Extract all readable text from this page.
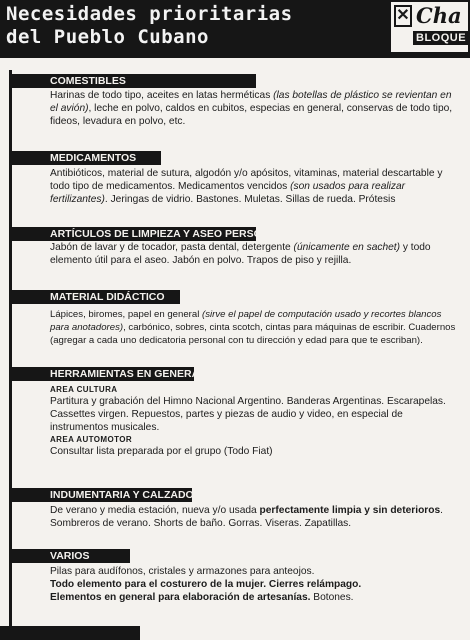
Necesidades prioritarias
del Pueblo Cubano
✕ Cha
BLOQUE
COMESTIBLES
Harinas de todo tipo, aceites en latas herméticas (las botellas de plástico se revientan en el avión), leche en polvo, caldos en cubitos, especias en general, conservas de todo tipo, fideos, levadura en polvo, etc.
MEDICAMENTOS
Antibióticos, material de sutura, algodón y/o apósitos, vitaminas, material descartable y todo tipo de medicamentos. Medicamentos vencidos (son usados para realizar fertilizantes). Jeringas de vidrio. Bastones. Muletas. Sillas de rueda. Prótesis
ARTÍCULOS DE LIMPIEZA Y ASEO PERSONAL
Jabón de lavar y de tocador, pasta dental, detergente (únicamente en sachet) y todo elemento útil para el aseo. Jabón en polvo. Trapos de piso y rejilla.
MATERIAL DIDÁCTICO
Lápices, biromes, papel en general (sirve el papel de computación usado y recortes blancos para anotadores), carbónico, sobres, cinta scotch, cintas para máquinas de escribir. Cuadernos (agregar a cada uno dedicatoria personal con tu dirección y edad para que te escriban).
HERRAMIENTAS EN GENERAL
AREA CULTURA
Partitura y grabación del Himno Nacional Argentino. Banderas Argentinas. Escarapelas. Cassettes virgen. Repuestos, partes y piezas de audio y video, en especial de instrumentos musicales.
AREA AUTOMOTOR
Consultar lista preparada por el grupo (Todo Fiat)
INDUMENTARIA Y CALZADO
De verano y media estación, nueva y/o usada perfectamente limpia y sin deterioros. Sombreros de verano. Shorts de baño. Gorras. Viseras. Zapatillas.
VARIOS
Pilas para audífonos, cristales y armazones para anteojos.
Todo elemento para el costurero de la mujer. Cierres relámpago.
Elementos en general para elaboración de artesanías. Botones.
